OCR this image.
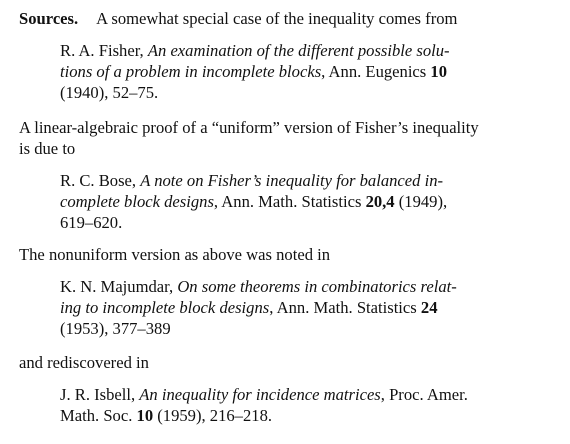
Sources. A somewhat special case of the inequality comes from

R. A. Fisher, An examination of the different possible solu-
tions of a problem in incomplete blocks, Ann. Eugenics 10
(1940), 52–75.

A linear-algebraic proof of a “uniform” version of Fisher’s inequality
is due to

R. C. Bose, A note on Fisher’s inequality for balanced in-
complete block designs, Ann. Math. Statistics 20,4 (1949),
619–620.

The nonuniform version as above was noted in

K. N. Majumdar, On some theorems in combinatorics relat-
ing to incomplete block designs, Ann. Math. Statistics 24
(1953), 377–389

and rediscovered in

J. R. Isbell, An inequality for incidence matrices, Proc. Amer.
Math. Soc. 10 (1959), 216–218.
